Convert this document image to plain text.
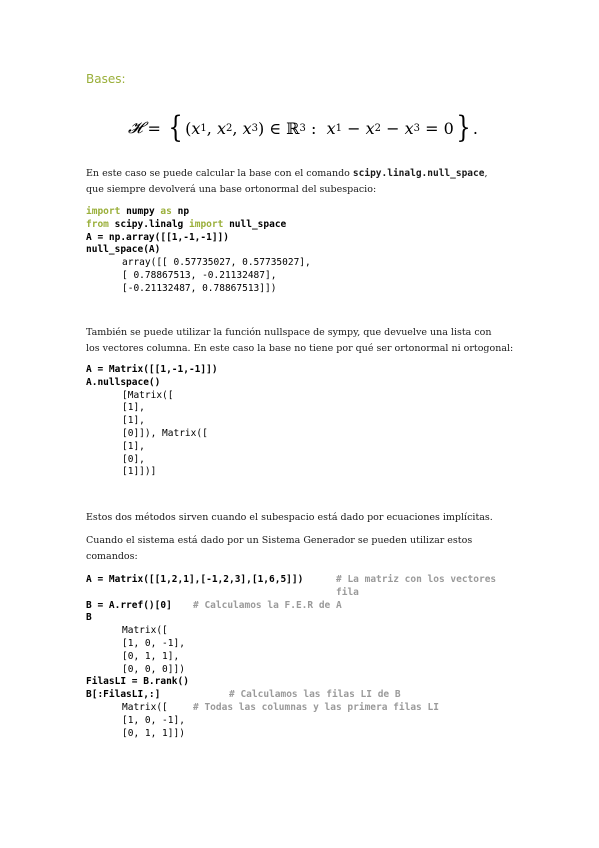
Bases:
𝓗
=
{ ( x 1 ,
x 2 ,
x 3 )
∈
ℝ 3
:
x 1
−
x 2
−
x 3
= 0 } .
En este caso se puede calcular la base con el comando scipy.linalg.null_space,
que siempre devolverá una base ortonormal del subespacio:
import numpy as np
from scipy.linalg import null_space
A = np.array([[1,-1,-1]])
null_space(A)
array([[ 0.57735027, 0.57735027],
[ 0.78867513, -0.21132487],
[-0.21132487, 0.78867513]])
También se puede utilizar la función nullspace de sympy, que devuelve una lista con
los vectores columna. En este caso la base no tiene por qué ser ortonormal ni ortogonal:
A = Matrix([[1,-1,-1]])
A.nullspace()
[Matrix([
[1],
[1],
[0]]), Matrix([
[1],
[0],
[1]])]
Estos dos métodos sirven cuando el subespacio está dado por ecuaciones implícitas.
Cuando el sistema está dado por un Sistema Generador se pueden utilizar estos
comandos:
A = Matrix([[1,2,1],[-1,2,3],[1,6,5]])

B = A.rref()[0]
B
Matrix([
[1, 0, -1],
[0, 1, 1],
[0, 0, 0]])
FilasLI = B.rank()
B[:FilasLI,:]
Matrix([
[1, 0, -1],
[0, 1, 1]])
# La matriz con los vectores
fila
# Calculamos la F.E.R de A
# Calculamos las filas LI de B
# Todas las columnas y las primera filas LI
